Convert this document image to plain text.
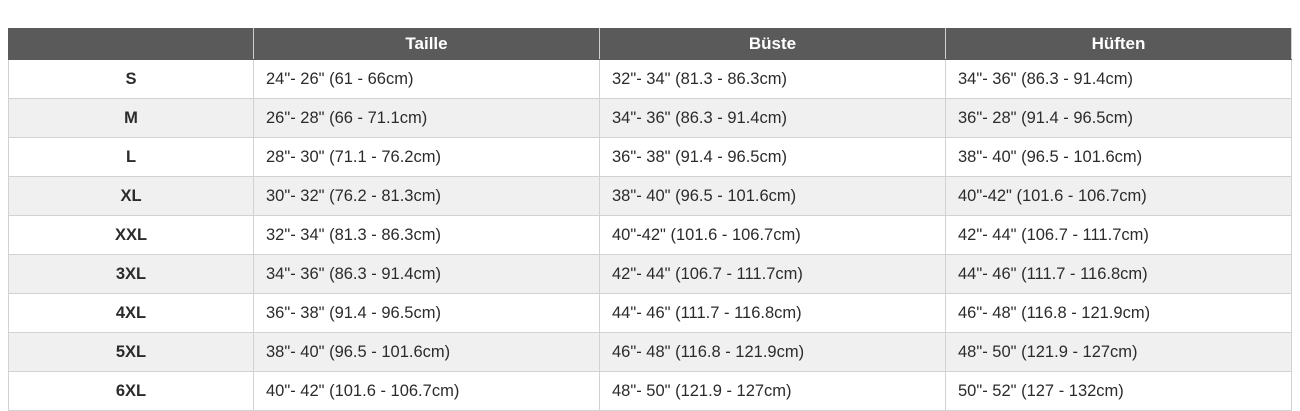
	Taille	Büste	Hüften
S	24"- 26" (61 - 66cm)	32"- 34" (81.3 - 86.3cm)	34"- 36" (86.3 - 91.4cm)
M	26"- 28" (66 - 71.1cm)	34"- 36" (86.3 - 91.4cm)	36"- 28" (91.4 - 96.5cm)
L	28"- 30" (71.1 - 76.2cm)	36"- 38" (91.4 - 96.5cm)	38"- 40" (96.5 - 101.6cm)
XL	30"- 32" (76.2 - 81.3cm)	38"- 40" (96.5 - 101.6cm)	40"-42" (101.6 - 106.7cm)
XXL	32"- 34" (81.3 - 86.3cm)	40"-42" (101.6 - 106.7cm)	42"- 44" (106.7 - 111.7cm)
3XL	34"- 36" (86.3 - 91.4cm)	42"- 44" (106.7 - 111.7cm)	44"- 46" (111.7 - 116.8cm)
4XL	36"- 38" (91.4 - 96.5cm)	44"- 46" (111.7 - 116.8cm)	46"- 48" (116.8 - 121.9cm)
5XL	38"- 40" (96.5 - 101.6cm)	46"- 48" (116.8 - 121.9cm)	48"- 50" (121.9 - 127cm)
6XL	40"- 42" (101.6 - 106.7cm)	48"- 50" (121.9 - 127cm)	50"- 52" (127 - 132cm)
